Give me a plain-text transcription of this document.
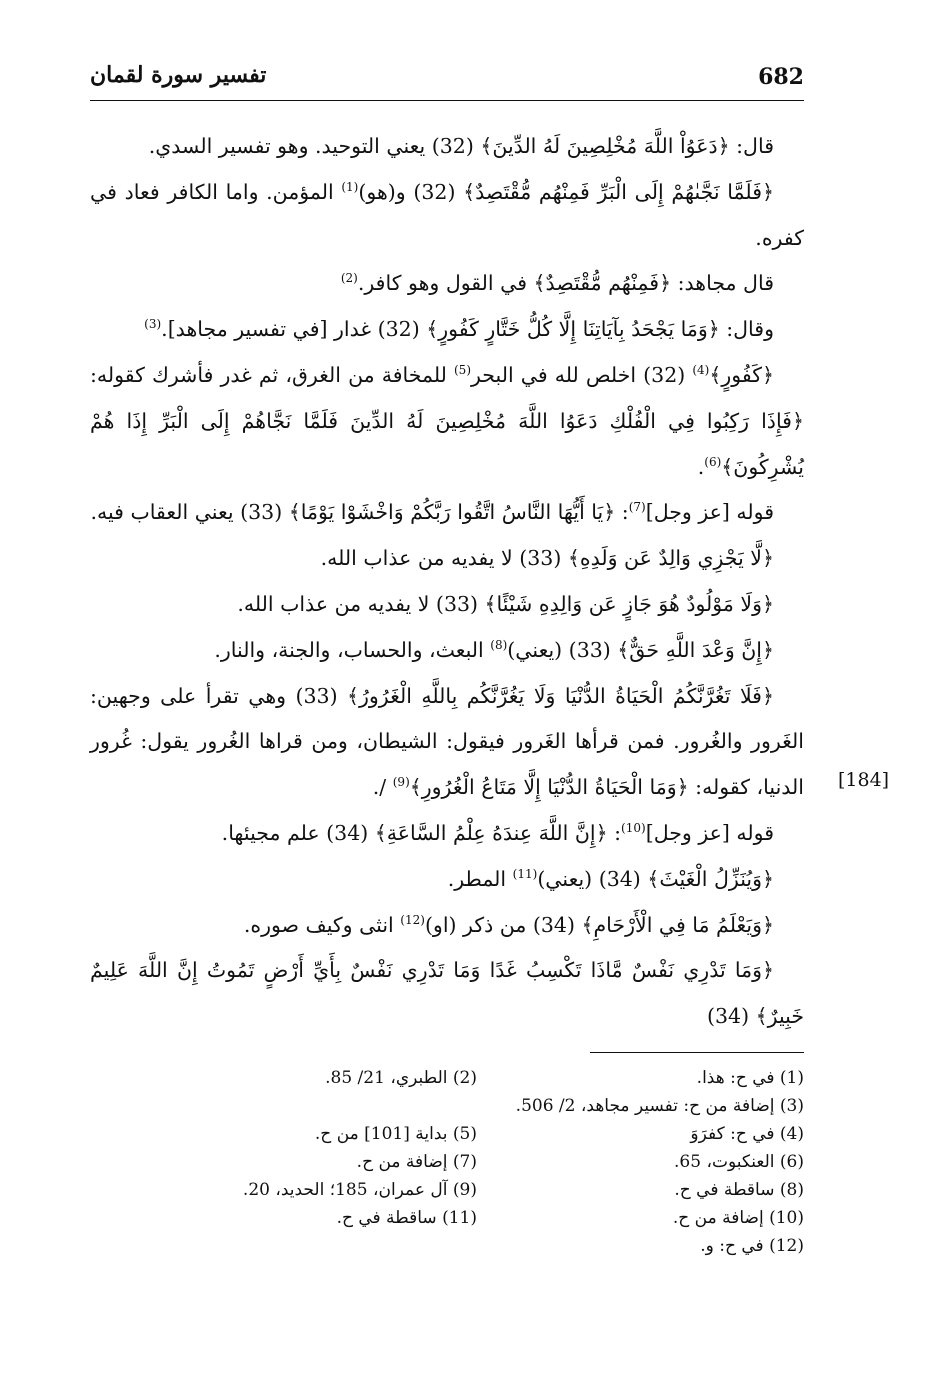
682
تفسير سورة لقمان
[184]

قال: ﴿دَعَوُاْ اللَّهَ مُخْلِصِينَ لَهُ الدِّينَ﴾ (32) يعني التوحيد. وهو تفسير السدي.

﴿فَلَمَّا نَجَّىٰهُمْ إِلَى الْبَرِّ فَمِنْهُم مُّقْتَصِدٌ﴾ (32) و(هو)$^{(1)}$ المؤمن. واما الكافر فعاد في كفره.

قال مجاهد: ﴿فَمِنْهُم مُّقْتَصِدٌ﴾ في القول وهو كافر.$^{(2)}$

وقال: ﴿وَمَا يَجْحَدُ بِآيَاتِنَا إِلَّا كُلُّ خَتَّارٍ كَفُورٍ﴾ (32) غدار [في تفسير مجاهد].$^{(3)}$

﴿كَفُورٍ﴾$^{(4)}$ (32) اخلص لله في البحر$^{(5)}$ للمخافة من الغرق، ثم غدر فأشرك كقوله: ﴿فَإِذَا رَكِبُوا فِي الْفُلْكِ دَعَوُا اللَّهَ مُخْلِصِينَ لَهُ الدِّينَ فَلَمَّا نَجَّاهُمْ إِلَى الْبَرِّ إِذَا هُمْ يُشْرِكُونَ﴾$^{(6)}$.

قوله [عز وجل]$^{(7)}$: ﴿يَا أَيُّهَا النَّاسُ اتَّقُوا رَبَّكُمْ وَاخْشَوْا يَوْمًا﴾ (33) يعني العقاب فيه.

﴿لَّا يَجْزِي وَالِدٌ عَن وَلَدِهِ﴾ (33) لا يفديه من عذاب الله.

﴿وَلَا مَوْلُودٌ هُوَ جَازٍ عَن وَالِدِهِ شَيْئًا﴾ (33) لا يفديه من عذاب الله.

﴿إِنَّ وَعْدَ اللَّهِ حَقٌّ﴾ (33) (يعني)$^{(8)}$ البعث، والحساب، والجنة، والنار.

﴿فَلَا تَغُرَّنَّكُمُ الْحَيَاةُ الدُّنْيَا وَلَا يَغُرَّنَّكُم بِاللَّهِ الْغَرُورُ﴾ (33) وهي تقرأ على وجهين: الغَرور والغُرور. فمن قرأها الغَرور فيقول: الشيطان، ومن قراها الغُرور يقول: غُرور الدنيا، كقوله: ﴿وَمَا الْحَيَاةُ الدُّنْيَا إِلَّا مَتَاعُ الْغُرُورِ﴾$^{(9)}$ /.

قوله [عز وجل]$^{(10)}$: ﴿إِنَّ اللَّهَ عِندَهُ عِلْمُ السَّاعَةِ﴾ (34) علم مجيئها.

﴿وَيُنَزِّلُ الْغَيْثَ﴾ (34) (يعني)$^{(11)}$ المطر.

﴿وَيَعْلَمُ مَا فِي الْأَرْحَامِ﴾ (34) من ذكر (او)$^{(12)}$ انثى وكيف صوره.

﴿وَمَا تَدْرِي نَفْسٌ مَّاذَا تَكْسِبُ غَدًا وَمَا تَدْرِي نَفْسٌ بِأَيِّ أَرْضٍ تَمُوتُ إِنَّ اللَّهَ عَلِيمٌ خَبِيرٌ﴾ (34)

(1) في ح: هذا.
(2) الطبري، 21/ 85.
(3) إضافة من ح: تفسير مجاهد، 2/ 506.
(4) في ح: كفرَوَ
(5) بداية [101] من ح.
(6) العنكبوت، 65.
(7) إضافة من ح.
(8) ساقطة في ح.
(9) آل عمران، 185؛ الحديد، 20.
(10) إضافة من ح.
(11) ساقطة في ح.
(12) في ح: و.
